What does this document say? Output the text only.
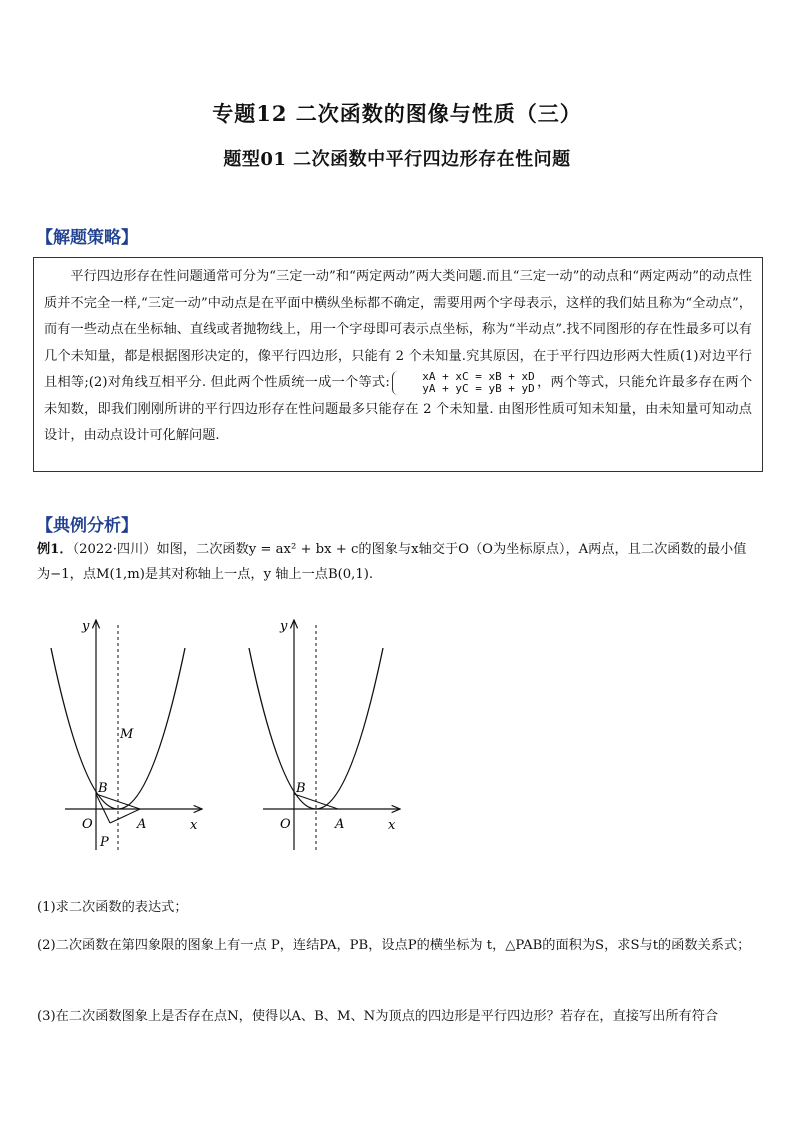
专题12 二次函数的图像与性质（三）
题型01 二次函数中平行四边形存在性问题
【解题策略】

平行四边形存在性问题通常可分为“三定一动”和“两定两动”两大类问题.而且“三定一动”的动点和“两定两动”的动点性质并不完全一样,“三定一动”中动点是在平面中横纵坐标都不确定，需要用两个字母表示，这样的我们姑且称为“全动点”，而有一些动点在坐标轴、直线或者抛物线上，用一个字母即可表示点坐标，称为“半动点”.找不同图形的存在性最多可以有几个未知量，都是根据图形决定的，像平行四边形，只能有 2 个未知量.究其原因，在于平行四边形两大性质(1)对边平行且相等;(2)对角线互相平分. 但此两个性质统一成一个等式:	xA + xC = xB + xD
yA + yC = yB + yD ，两个等式，只能允许最多存在两个未知数，即我们刚刚所讲的平行四边形存在性问题最多只能存在 2 个未知量. 由图形性质可知未知量，由未知量可知动点设计，由动点设计可化解问题.

【典例分析】
例1．（2022·四川）如图，二次函数y = ax² + bx + c的图象与x轴交于O（O为坐标原点），A两点，且二次函数的最小值为−1，点M(1,m)是其对称轴上一点，y 轴上一点B(0,1).
y
x
O	A
B
M
P
y
x
O	A
B
(1)求二次函数的表达式；
(2)二次函数在第四象限的图象上有一点 P，连结PA，PB，设点P的横坐标为 t，△PAB的面积为S，求S与t的函数关系式；
(3)在二次函数图象上是否存在点N，使得以A、B、M、N为顶点的四边形是平行四边形？若存在，直接写出所有符合
